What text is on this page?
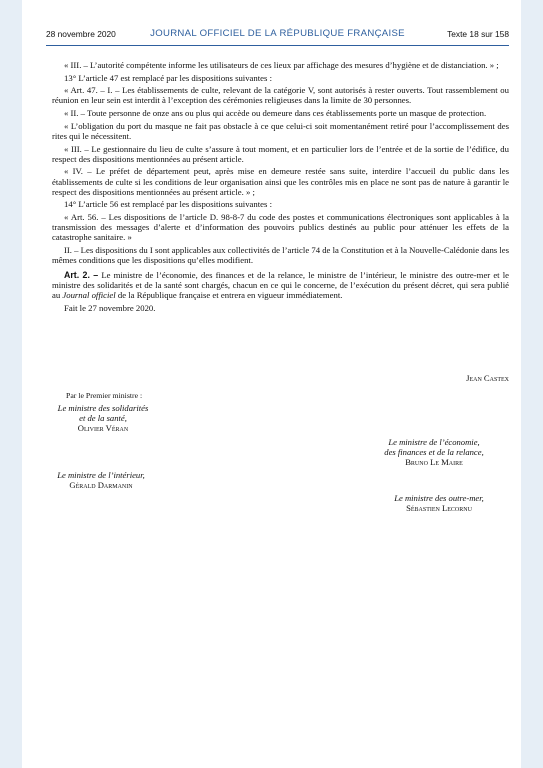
28 novembre 2020	JOURNAL OFFICIEL DE LA RÉPUBLIQUE FRANÇAISE	Texte 18 sur 158

« III. – L’autorité compétente informe les utilisateurs de ces lieux par affichage des mesures d’hygiène et de distanciation. » ;

13° L’article 47 est remplacé par les dispositions suivantes :

« Art. 47. – I. – Les établissements de culte, relevant de la catégorie V, sont autorisés à rester ouverts. Tout rassemblement ou réunion en leur sein est interdit à l’exception des cérémonies religieuses dans la limite de 30 personnes.

« II. – Toute personne de onze ans ou plus qui accède ou demeure dans ces établissements porte un masque de protection.

« L’obligation du port du masque ne fait pas obstacle à ce que celui-ci soit momentanément retiré pour l’accomplissement des rites qui le nécessitent.

« III. – Le gestionnaire du lieu de culte s’assure à tout moment, et en particulier lors de l’entrée et de la sortie de l’édifice, du respect des dispositions mentionnées au présent article.

« IV. – Le préfet de département peut, après mise en demeure restée sans suite, interdire l’accueil du public dans les établissements de culte si les conditions de leur organisation ainsi que les contrôles mis en place ne sont pas de nature à garantir le respect des dispositions mentionnées au présent article. » ;

14° L’article 56 est remplacé par les dispositions suivantes :

« Art. 56. – Les dispositions de l’article D. 98-8-7 du code des postes et communications électroniques sont applicables à la transmission des messages d’alerte et d’information des pouvoirs publics destinés au public pour atténuer les effets de la catastrophe sanitaire. »

II. – Les dispositions du I sont applicables aux collectivités de l’article 74 de la Constitution et à la Nouvelle-Calédonie dans les mêmes conditions que les dispositions qu’elles modifient.

Art. 2. – Le ministre de l’économie, des finances et de la relance, le ministre de l’intérieur, le ministre des outre-mer et le ministre des solidarités et de la santé sont chargés, chacun en ce qui le concerne, de l’exécution du présent décret, qui sera publié au Journal officiel de la République française et entrera en vigueur immédiatement.

Fait le 27 novembre 2020.

Jean Castex
Par le Premier ministre :
Le ministre des solidarités
et de la santé,
Olivier Véran
Le ministre de l’économie,
des finances et de la relance,
Bruno Le Maire
Le ministre de l’intérieur,
Gérald Darmanin
Le ministre des outre-mer,
Sébastien Lecornu
